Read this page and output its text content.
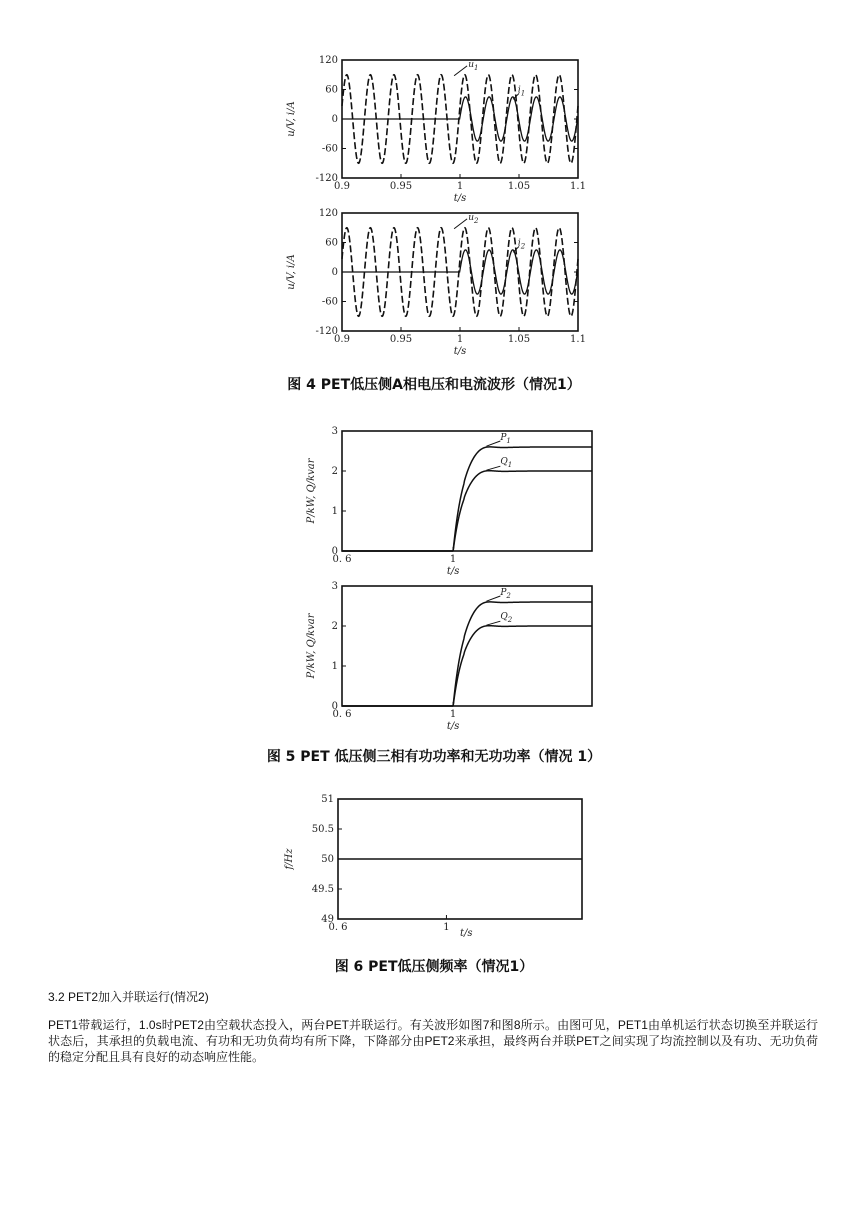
120
60
0
-60
-120
0.9	0.95	1	1.05	1.1
t/s
u/V, i/A
$u_1$
$i_1$
120
60
0
-60
-120
0.9	0.95	1	1.05	1.1
t/s
u/V, i/A
$u_2$
$i_2$
图 4 PET低压侧A相电压和电流波形（情况1）
3
2
1
0
0. 6	1
t/s
P/kW, Q/kvar
$P_1$
$Q_1$
3
2
1
0
0. 6	1
t/s
P/kW, Q/kvar
$P_2$
$Q_2$
图 5 PET 低压侧三相有功功率和无功功率（情况 1）
51
50.5
50
49.5
49
0. 6	1
t/s
f/Hz
图 6 PET低压侧频率（情况1）
3.2 PET2加入并联运行(情况2)
PET1带载运行，1.0s时PET2由空载状态投入，两台PET并联运行。有关波形如图7和图8所示。由图可见，PET1由单机运行状态切换至并联运行状态后，其承担的负载电流、有功和无功负荷均有所下降，下降部分由PET2来承担，最终两台并联PET之间实现了均流控制以及有功、无功负荷的稳定分配且具有良好的动态响应性能。
